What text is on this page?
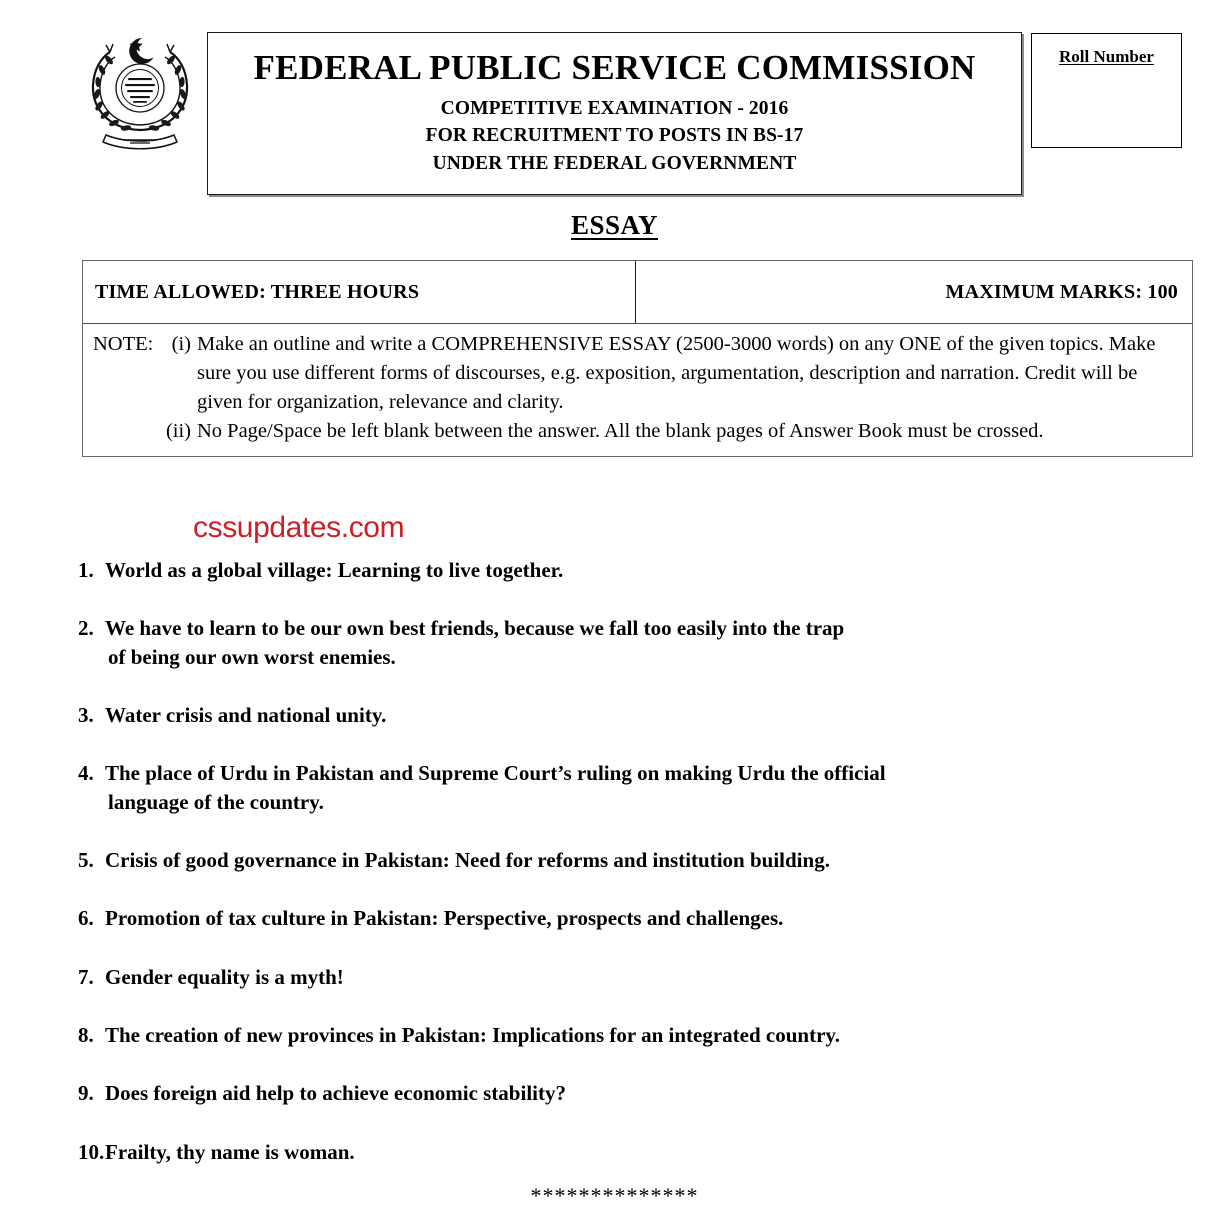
FEDERAL PUBLIC SERVICE COMMISSION
COMPETITIVE EXAMINATION - 2016
FOR RECRUITMENT TO POSTS IN BS-17
UNDER THE FEDERAL GOVERNMENT
Roll Number
ESSAY
TIME ALLOWED: THREE HOURS	MAXIMUM MARKS: 100
NOTE: (i) Make an outline and write a COMPREHENSIVE ESSAY (2500-3000 words) on any ONE of the given topics. Make sure you use different forms of discourses, e.g. exposition, argumentation, description and narration. Credit will be given for organization, relevance and clarity.
(ii) No Page/Space be left blank between the answer. All the blank pages of Answer Book must be crossed.
cssupdates.com
1. World as a global village: Learning to live together.
2. We have to learn to be our own best friends, because we fall too easily into the trap
of being our own worst enemies.
3. Water crisis and national unity.
4. The place of Urdu in Pakistan and Supreme Court’s ruling on making Urdu the official
language of the country.
5. Crisis of good governance in Pakistan: Need for reforms and institution building.
6. Promotion of tax culture in Pakistan: Perspective, prospects and challenges.
7. Gender equality is a myth!
8. The creation of new provinces in Pakistan: Implications for an integrated country.
9. Does foreign aid help to achieve economic stability?
10. Frailty, thy name is woman.
**************
